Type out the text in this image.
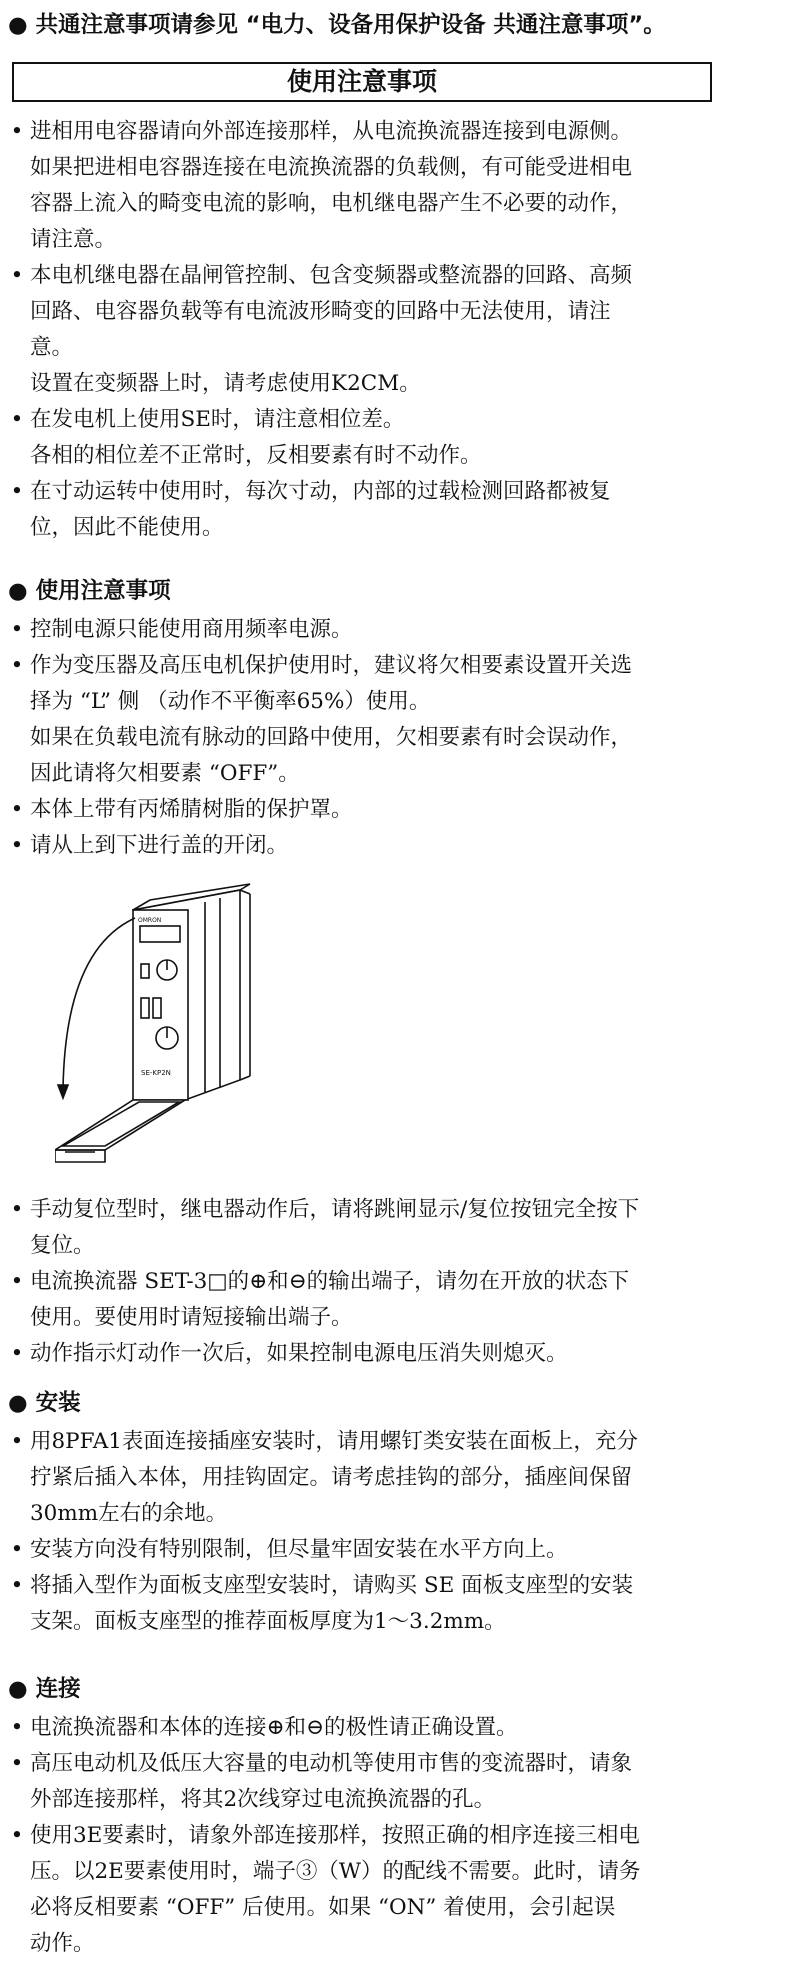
● 共通注意事项请参见 “电力、设备用保护设备 共通注意事项”。
使用注意事项
• 进相用电容器请向外部连接那样，从电流换流器连接到电源侧。

如果把进相电容器连接在电流换流器的负载侧，有可能受进相电

容器上流入的畸变电流的影响，电机继电器产生不必要的动作，

请注意。

• 本电机继电器在晶闸管控制、包含变频器或整流器的回路、高频

回路、电容器负载等有电流波形畸变的回路中无法使用，请注

意。

设置在变频器上时，请考虑使用K2CM。

• 在发电机上使用SE时，请注意相位差。

各相的相位差不正常时，反相要素有时不动作。

• 在寸动运转中使用时，每次寸动，内部的过载检测回路都被复

位，因此不能使用。

● 使用注意事项
• 控制电源只能使用商用频率电源。

• 作为变压器及高压电机保护使用时，建议将欠相要素设置开关选

择为 “L” 侧 （动作不平衡率65%）使用。

如果在负载电流有脉动的回路中使用，欠相要素有时会误动作，

因此请将欠相要素 “OFF”。

• 本体上带有丙烯腈树脂的保护罩。

• 请从上到下进行盖的开闭。

OMRON
SE-KP2N
• 手动复位型时，继电器动作后，请将跳闸显示/复位按钮完全按下

复位。

• 电流换流器 SET-3□的⊕和⊖的输出端子，请勿在开放的状态下

使用。要使用时请短接输出端子。

• 动作指示灯动作一次后，如果控制电源电压消失则熄灭。

● 安装
• 用8PFA1表面连接插座安装时，请用螺钉类安装在面板上，充分

拧紧后插入本体，用挂钩固定。请考虑挂钩的部分，插座间保留

30mm左右的余地。

• 安装方向没有特别限制，但尽量牢固安装在水平方向上。

• 将插入型作为面板支座型安装时，请购买 SE 面板支座型的安装

支架。面板支座型的推荐面板厚度为1～3.2mm。

● 连接
• 电流换流器和本体的连接⊕和⊖的极性请正确设置。

• 高压电动机及低压大容量的电动机等使用市售的变流器时，请象

外部连接那样，将其2次线穿过电流换流器的孔。

• 使用3E要素时，请象外部连接那样，按照正确的相序连接三相电

压。以2E要素使用时，端子③（W）的配线不需要。此时，请务

必将反相要素 “OFF” 后使用。如果 “ON” 着使用，会引起误

动作。
